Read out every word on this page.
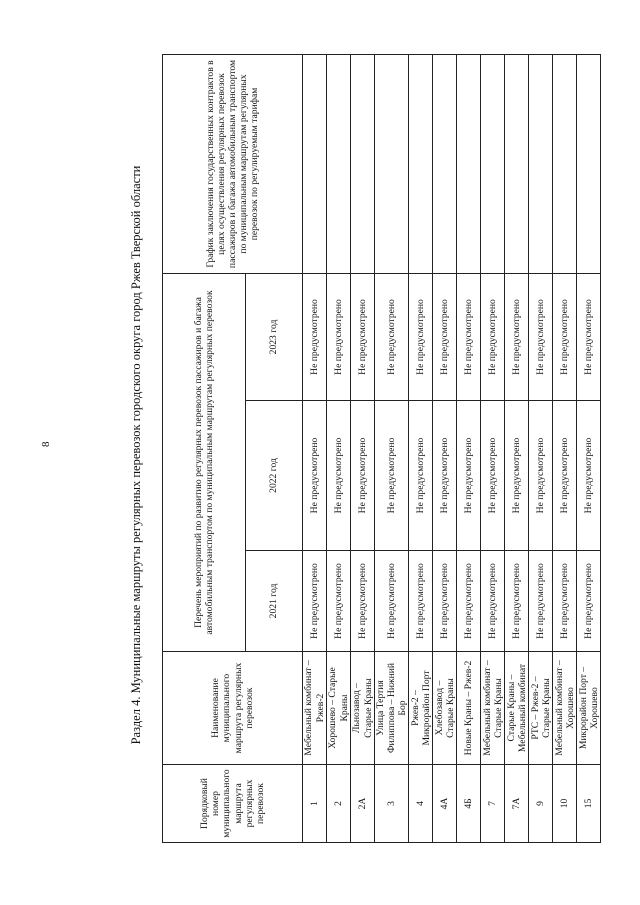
8	Раздел 4. Муниципальные маршруты регулярных перевозок городского округа город Ржев Тверской области
Порядковый номер муниципального маршрута регулярных перевозок	Наименование муниципального маршрута регулярных перевозок	Перечень мероприятий по развитию регулярных перевозок пассажиров и багажа автомобильным транспортом по муниципальным маршрутам регулярных перевозок			График заключения государственных контрактов в целях осуществления регулярных перевозок пассажиров и багажа автомобильным транспортом по муниципальным маршрутам регулярных перевозок по регулируемым тарифам
		2021 год	2022 год	2023 год	
1	Мебельный комбинат – Ржев-2	Не предусмотрено	Не предусмотрено	Не предусмотрено	
2	Хорошево – Старые Краны	Не предусмотрено	Не предусмотрено	Не предусмотрено	
2А	Льнозавод – Старые Краны	Не предусмотрено	Не предусмотрено	Не предусмотрено	
3	Улица Тертия Филиппова – Нижний Бор	Не предусмотрено	Не предусмотрено	Не предусмотрено	
4	Ржев-2 – Микрорайон Порт	Не предусмотрено	Не предусмотрено	Не предусмотрено	
4А	Хлебозавод – Старые Краны	Не предусмотрено	Не предусмотрено	Не предусмотрено	
4Б	Новые Краны – Ржев-2	Не предусмотрено	Не предусмотрено	Не предусмотрено	
7	Мебельный комбинат – Старые Краны	Не предусмотрено	Не предусмотрено	Не предусмотрено	
7А	Старые Краны – Мебельный комбинат	Не предусмотрено	Не предусмотрено	Не предусмотрено	
9	РТС – Ржев-2 – Старые Краны	Не предусмотрено	Не предусмотрено	Не предусмотрено	
10	Мебельный комбинат – Хорошево	Не предусмотрено	Не предусмотрено	Не предусмотрено	
15	Микрорайон Порт – Хорошево	Не предусмотрено	Не предусмотрено	Не предусмотрено	
